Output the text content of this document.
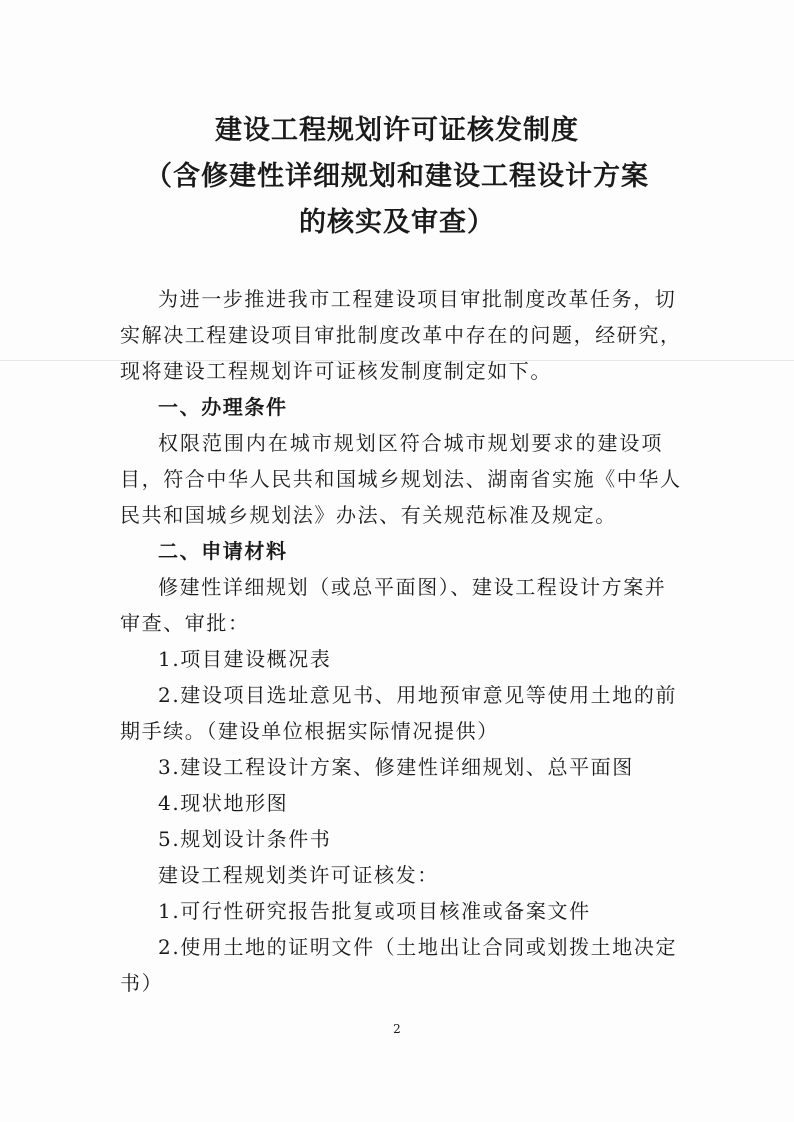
建设工程规划许可证核发制度
（含修建性详细规划和建设工程设计方案
的核实及审查）
为进一步推进我市工程建设项目审批制度改革任务，切
实解决工程建设项目审批制度改革中存在的问题，经研究，
现将建设工程规划许可证核发制度制定如下。
一、办理条件
权限范围内在城市规划区符合城市规划要求的建设项
目，符合中华人民共和国城乡规划法、湖南省实施《中华人
民共和国城乡规划法》办法、有关规范标准及规定。
二、申请材料
修建性详细规划（或总平面图）、建设工程设计方案并
审查、审批：
1.项目建设概况表
2.建设项目选址意见书、用地预审意见等使用土地的前
期手续。（建设单位根据实际情况提供）
3.建设工程设计方案、修建性详细规划、总平面图
4.现状地形图
5.规划设计条件书
建设工程规划类许可证核发：
1.可行性研究报告批复或项目核准或备案文件
2.使用土地的证明文件（土地出让合同或划拨土地决定
书）
2
